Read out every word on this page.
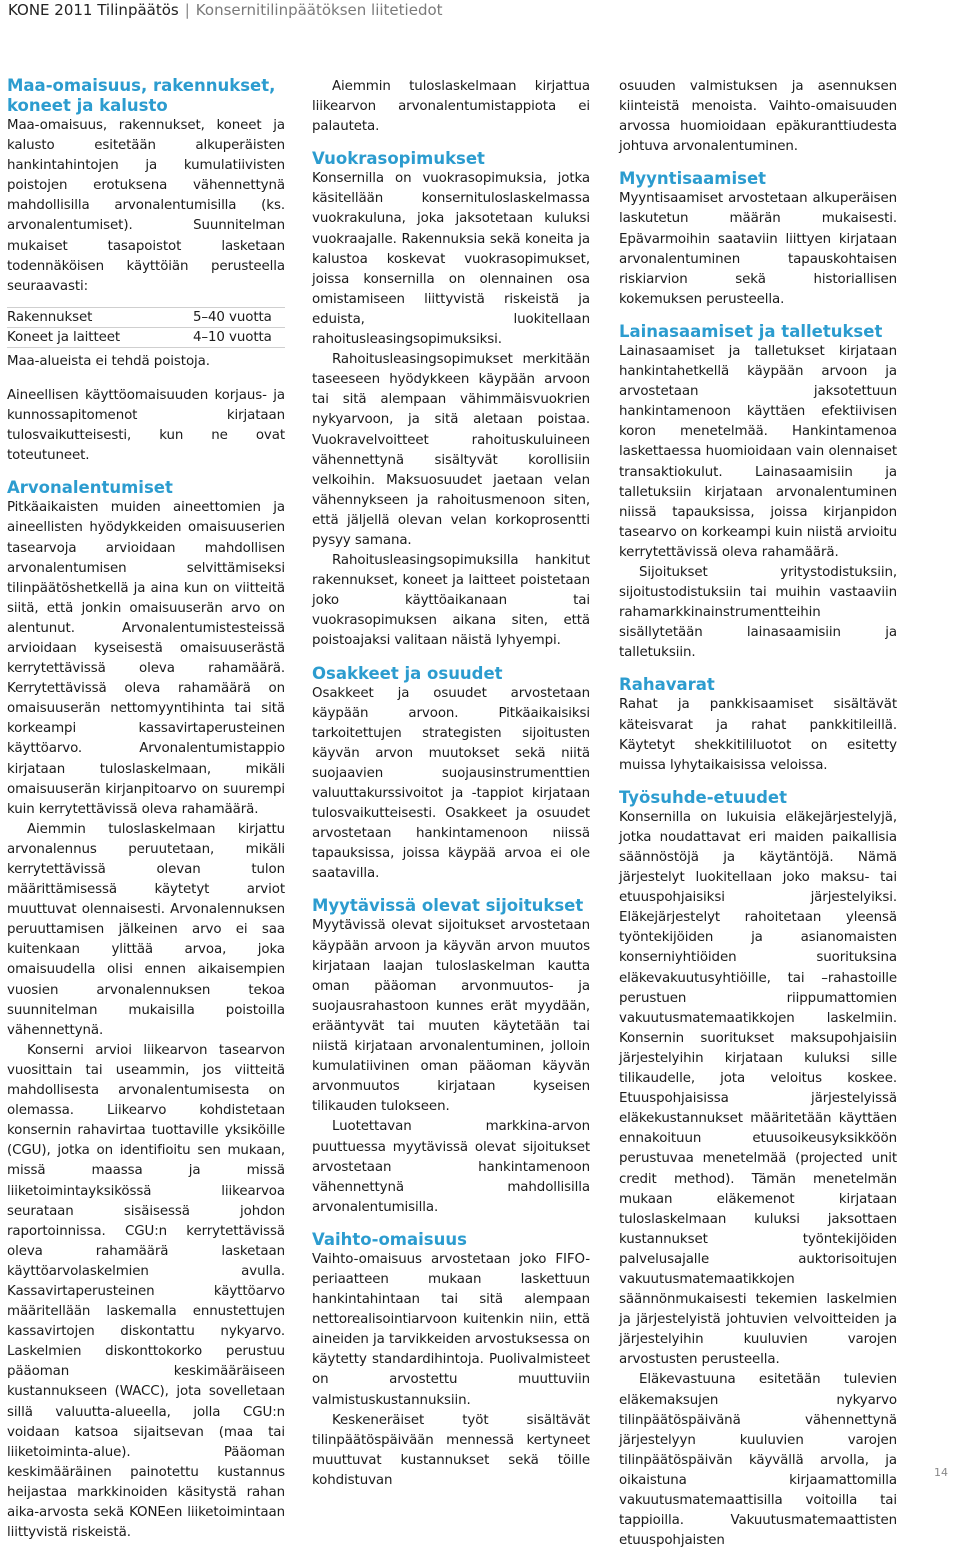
KONE 2011 Tilinpäätös | Konsernitilinpäätöksen liitetiedot
Maa-omaisuus, rakennukset, koneet ja kalusto

Maa-omaisuus, rakennukset, koneet ja kalusto esitetään alkuperäisten hankintahintojen ja kumulatiivisten poistojen erotuksena vähennettynä mahdollisilla arvonalentumisilla (ks. arvonalentumiset). Suunnitelman mukaiset tasapoistot lasketaan todennäköisen käyttöiän perusteella seuraavasti:

Rakennukset	5–40 vuotta
Koneet ja laitteet	4–10 vuotta

Maa-alueista ei tehdä poistoja.

Aineellisen käyttöomaisuuden korjaus- ja kunnossapitomenot kirjataan tulosvaikutteisesti, kun ne ovat toteutuneet.

Arvonalentumiset

Pitkäaikaisten muiden aineettomien ja aineellisten hyödykkeiden omaisuuserien tasearvoja arvioidaan mahdollisen arvonalentumisen selvittämiseksi tilinpäätöshetkellä ja aina kun on viitteitä siitä, että jonkin omaisuuserän arvo on alentunut. Arvonalentumistesteissä arvioidaan kyseisestä omaisuuserästä kerrytettävissä oleva rahamäärä. Kerrytettävissä oleva rahamäärä on omaisuuserän nettomyyntihinta tai sitä korkeampi kassavirtaperusteinen käyttöarvo. Arvonalentumistappio kirjataan tuloslaskelmaan, mikäli omaisuuserän kirjanpitoarvo on suurempi kuin kerrytettävissä oleva rahamäärä.

Aiemmin tuloslaskelmaan kirjattu arvonalennus peruutetaan, mikäli kerrytettävissä olevan tulon määrittämisessä käytetyt arviot muuttuvat olennaisesti. Arvonalennuksen peruuttamisen jälkeinen arvo ei saa kuitenkaan ylittää arvoa, joka omaisuudella olisi ennen aikaisempien vuosien arvonalennuksen tekoa suunnitelman mukaisilla poistoilla vähennettynä.

Konserni arvioi liikearvon tasearvon vuosittain tai useammin, jos viitteitä mahdollisesta arvonalentumisesta on olemassa. Liikearvo kohdistetaan konsernin rahavirtaa tuottaville yksiköille (CGU), jotka on identifioitu sen mukaan, missä maassa ja missä liiketoimintayksikössä liikearvoa seurataan sisäisessä johdon raportoinnissa. CGU:n kerrytettävissä oleva rahamäärä lasketaan käyttöarvolaskelmien avulla. Kassavirtaperusteinen käyttöarvo määritellään laskemalla ennustettujen kassavirtojen diskontattu nykyarvo. Laskelmien diskonttokorko perustuu pääoman keskimääräiseen kustannukseen (WACC), jota sovelletaan sillä valuutta-alueella, jolla CGU:n voidaan katsoa sijaitsevan (maa tai liiketoiminta-alue). Pääoman keskimääräinen painotettu kustannus heijastaa markkinoiden käsitystä rahan aika-arvosta sekä KONEen liiketoimintaan liittyvistä riskeistä.

Aiemmin tuloslaskelmaan kirjattua liikearvon arvonalentumistappiota ei palauteta.

Vuokrasopimukset

Konsernilla on vuokrasopimuksia, jotka käsitellään konsernituloslaskelmassa vuokrakuluna, joka jaksotetaan kuluksi vuokraajalle. Rakennuksia sekä koneita ja kalustoa koskevat vuokrasopimukset, joissa konsernilla on olennainen osa omistamiseen liittyvistä riskeistä ja eduista, luokitellaan rahoitusleasingsopimuksiksi.

Rahoitusleasingsopimukset merkitään taseeseen hyödykkeen käypään arvoon tai sitä alempaan vähimmäisvuokrien nykyarvoon, ja sitä aletaan poistaa. Vuokravelvoitteet rahoituskuluineen vähennettynä sisältyvät korollisiin velkoihin. Maksuosuudet jaetaan velan vähennykseen ja rahoitusmenoon siten, että jäljellä olevan velan korkoprosentti pysyy samana.

Rahoitusleasingsopimuksilla hankitut rakennukset, koneet ja laitteet poistetaan joko käyttöaikanaan tai vuokrasopimuksen aikana siten, että poistoajaksi valitaan näistä lyhyempi.

Osakkeet ja osuudet

Osakkeet ja osuudet arvostetaan käypään arvoon. Pitkäaikaisiksi tarkoitettujen strategisten sijoitusten käyvän arvon muutokset sekä niitä suojaavien suojausinstrumenttien valuuttakurssivoitot ja -tappiot kirjataan tulosvaikutteisesti. Osakkeet ja osuudet arvostetaan hankintamenoon niissä tapauksissa, joissa käypää arvoa ei ole saatavilla.

Myytävissä olevat sijoitukset

Myytävissä olevat sijoitukset arvostetaan käypään arvoon ja käyvän arvon muutos kirjataan laajan tuloslaskelman kautta oman pääoman arvonmuutos- ja suojausrahastoon kunnes erät myydään, erääntyvät tai muuten käytetään tai niistä kirjataan arvonalentuminen, jolloin kumulatiivinen oman pääoman käyvän arvonmuutos kirjataan kyseisen tilikauden tulokseen.

Luotettavan markkina-arvon puuttuessa myytävissä olevat sijoitukset arvostetaan hankintamenoon vähennettynä mahdollisilla arvonalentumisilla.

Vaihto-omaisuus

Vaihto-omaisuus arvostetaan joko FIFO-periaatteen mukaan laskettuun hankintahintaan tai sitä alempaan nettorealisointiarvoon kuitenkin niin, että aineiden ja tarvikkeiden arvostuksessa on käytetty standardihintoja. Puolivalmisteet on arvostettu muuttuviin valmistuskustannuksiin.

Keskeneräiset työt sisältävät tilinpäätöspäivään mennessä kertyneet muuttuvat kustannukset sekä töille kohdistuvan

osuuden valmistuksen ja asennuksen kiinteistä menoista. Vaihto-omaisuuden arvossa huomioidaan epäkuranttiudesta johtuva arvonalentuminen.

Myyntisaamiset

Myyntisaamiset arvostetaan alkuperäisen laskutetun määrän mukaisesti. Epävarmoihin saataviin liittyen kirjataan arvonalentuminen tapauskohtaisen riskiarvion sekä historiallisen kokemuksen perusteella.

Lainasaamiset ja talletukset

Lainasaamiset ja talletukset kirjataan hankintahetkellä käypään arvoon ja arvostetaan jaksotettuun hankintamenoon käyttäen efektiivisen koron menetelmää. Hankintamenoa laskettaessa huomioidaan vain olennaiset transaktiokulut. Lainasaamisiin ja talletuksiin kirjataan arvonalentuminen niissä tapauksissa, joissa kirjanpidon tasearvo on korkeampi kuin niistä arvioitu kerrytettävissä oleva rahamäärä.

Sijoitukset yritystodistuksiin, sijoitustodistuksiin tai muihin vastaaviin rahamarkkinainstrumentteihin sisällytetään lainasaamisiin ja talletuksiin.

Rahavarat

Rahat ja pankkisaamiset sisältävät käteisvarat ja rahat pankkitileillä. Käytetyt shekkitililuotot on esitetty muissa lyhytaikaisissa veloissa.

Työsuhde-etuudet

Konsernilla on lukuisia eläkejärjestelyjä, jotka noudattavat eri maiden paikallisia säännöstöjä ja käytäntöjä. Nämä järjestelyt luokitellaan joko maksu- tai etuuspohjaisiksi järjestelyiksi. Eläkejärjestelyt rahoitetaan yleensä työntekijöiden ja asianomaisten konserniyhtiöiden suorituksina eläkevakuutusyhtiöille, tai –rahastoille perustuen riippumattomien vakuutusmatemaatikkojen laskelmiin. Konsernin suoritukset maksupohjaisiin järjestelyihin kirjataan kuluksi sille tilikaudelle, jota veloitus koskee. Etuuspohjaisissa järjestelyissä eläkekustannukset määritetään käyttäen ennakoituun etuusoikeusyksikköön perustuvaa menetelmää (projected unit credit method). Tämän menetelmän mukaan eläkemenot kirjataan tuloslaskelmaan kuluksi jaksottaen kustannukset työntekijöiden palvelusajalle auktorisoitujen vakuutusmatemaatikkojen säännönmukaisesti tekemien laskelmien ja järjestelyistä johtuvien velvoitteiden ja järjestelyihin kuuluvien varojen arvostusten perusteella.

Eläkevastuuna esitetään tulevien eläkemaksujen nykyarvo tilinpäätöspäivänä vähennettynä järjestelyyn kuuluvien varojen tilinpäätöspäivän käyvällä arvolla, ja oikaistuna kirjaamattomilla vakuutusmatemaattisilla voitoilla tai tappioilla. Vakuutusmatemaattisten etuuspohjaisten

14
